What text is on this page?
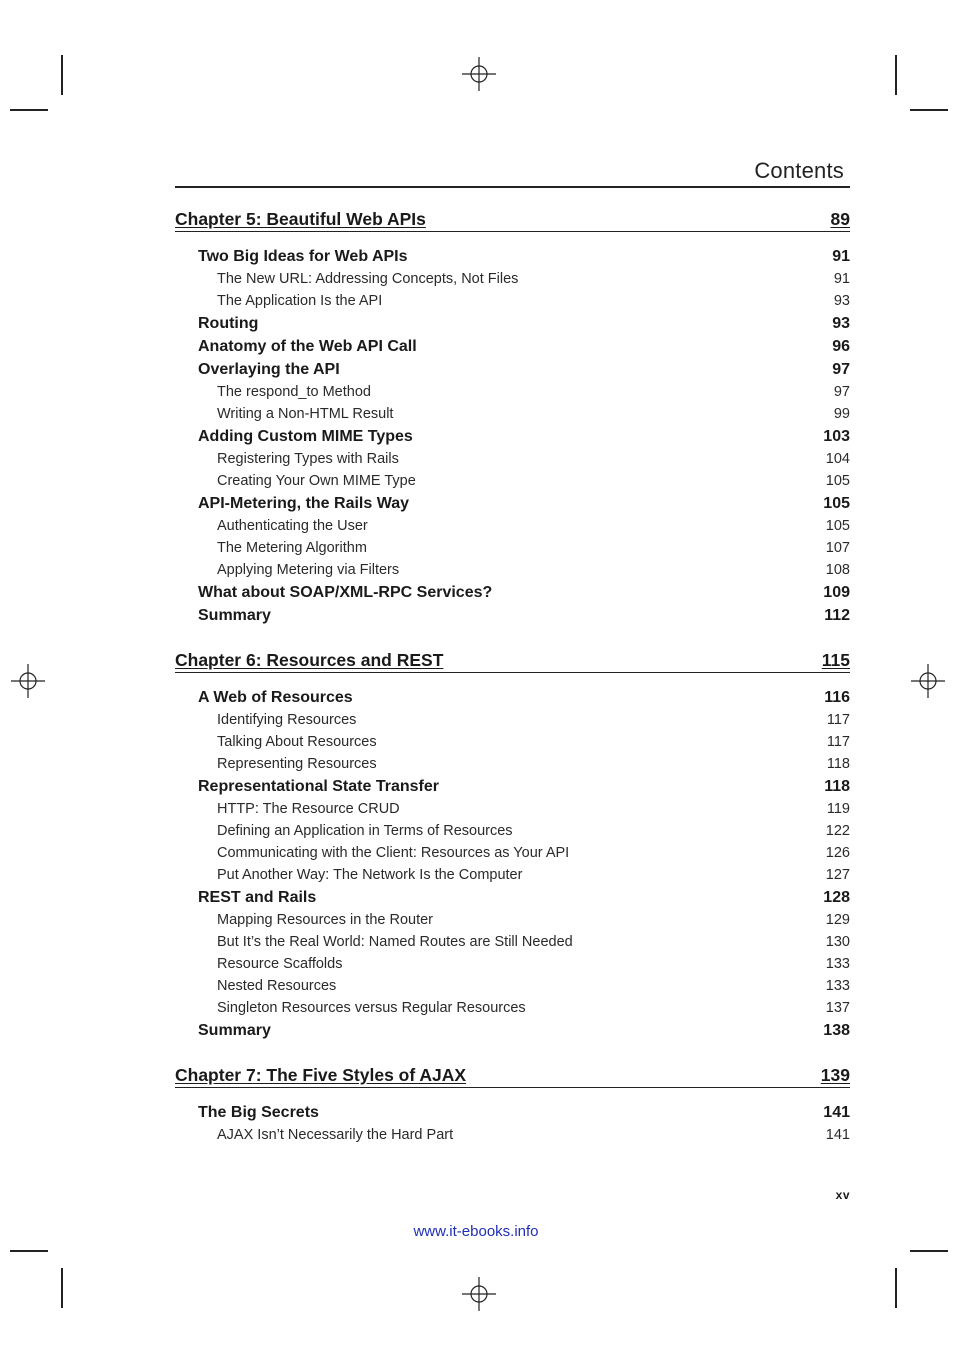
Contents
Chapter 5: Beautiful Web APIs	89
Two Big Ideas for Web APIs	91
The New URL: Addressing Concepts, Not Files	91
The Application Is the API	93
Routing	93
Anatomy of the Web API Call	96
Overlaying the API	97
The respond_to Method	97
Writing a Non-HTML Result	99
Adding Custom MIME Types	103
Registering Types with Rails	104
Creating Your Own MIME Type	105
API-Metering, the Rails Way	105
Authenticating the User	105
The Metering Algorithm	107
Applying Metering via Filters	108
What about SOAP/XML-RPC Services?	109
Summary	112
Chapter 6: Resources and REST	115
A Web of Resources	116
Identifying Resources	117
Talking About Resources	117
Representing Resources	118
Representational State Transfer	118
HTTP: The Resource CRUD	119
Defining an Application in Terms of Resources	122
Communicating with the Client: Resources as Your API	126
Put Another Way: The Network Is the Computer	127
REST and Rails	128
Mapping Resources in the Router	129
But It’s the Real World: Named Routes are Still Needed	130
Resource Scaffolds	133
Nested Resources	133
Singleton Resources versus Regular Resources	137
Summary	138
Chapter 7: The Five Styles of AJAX	139
The Big Secrets	141
AJAX Isn’t Necessarily the Hard Part	141
xv
www.it-ebooks.info
